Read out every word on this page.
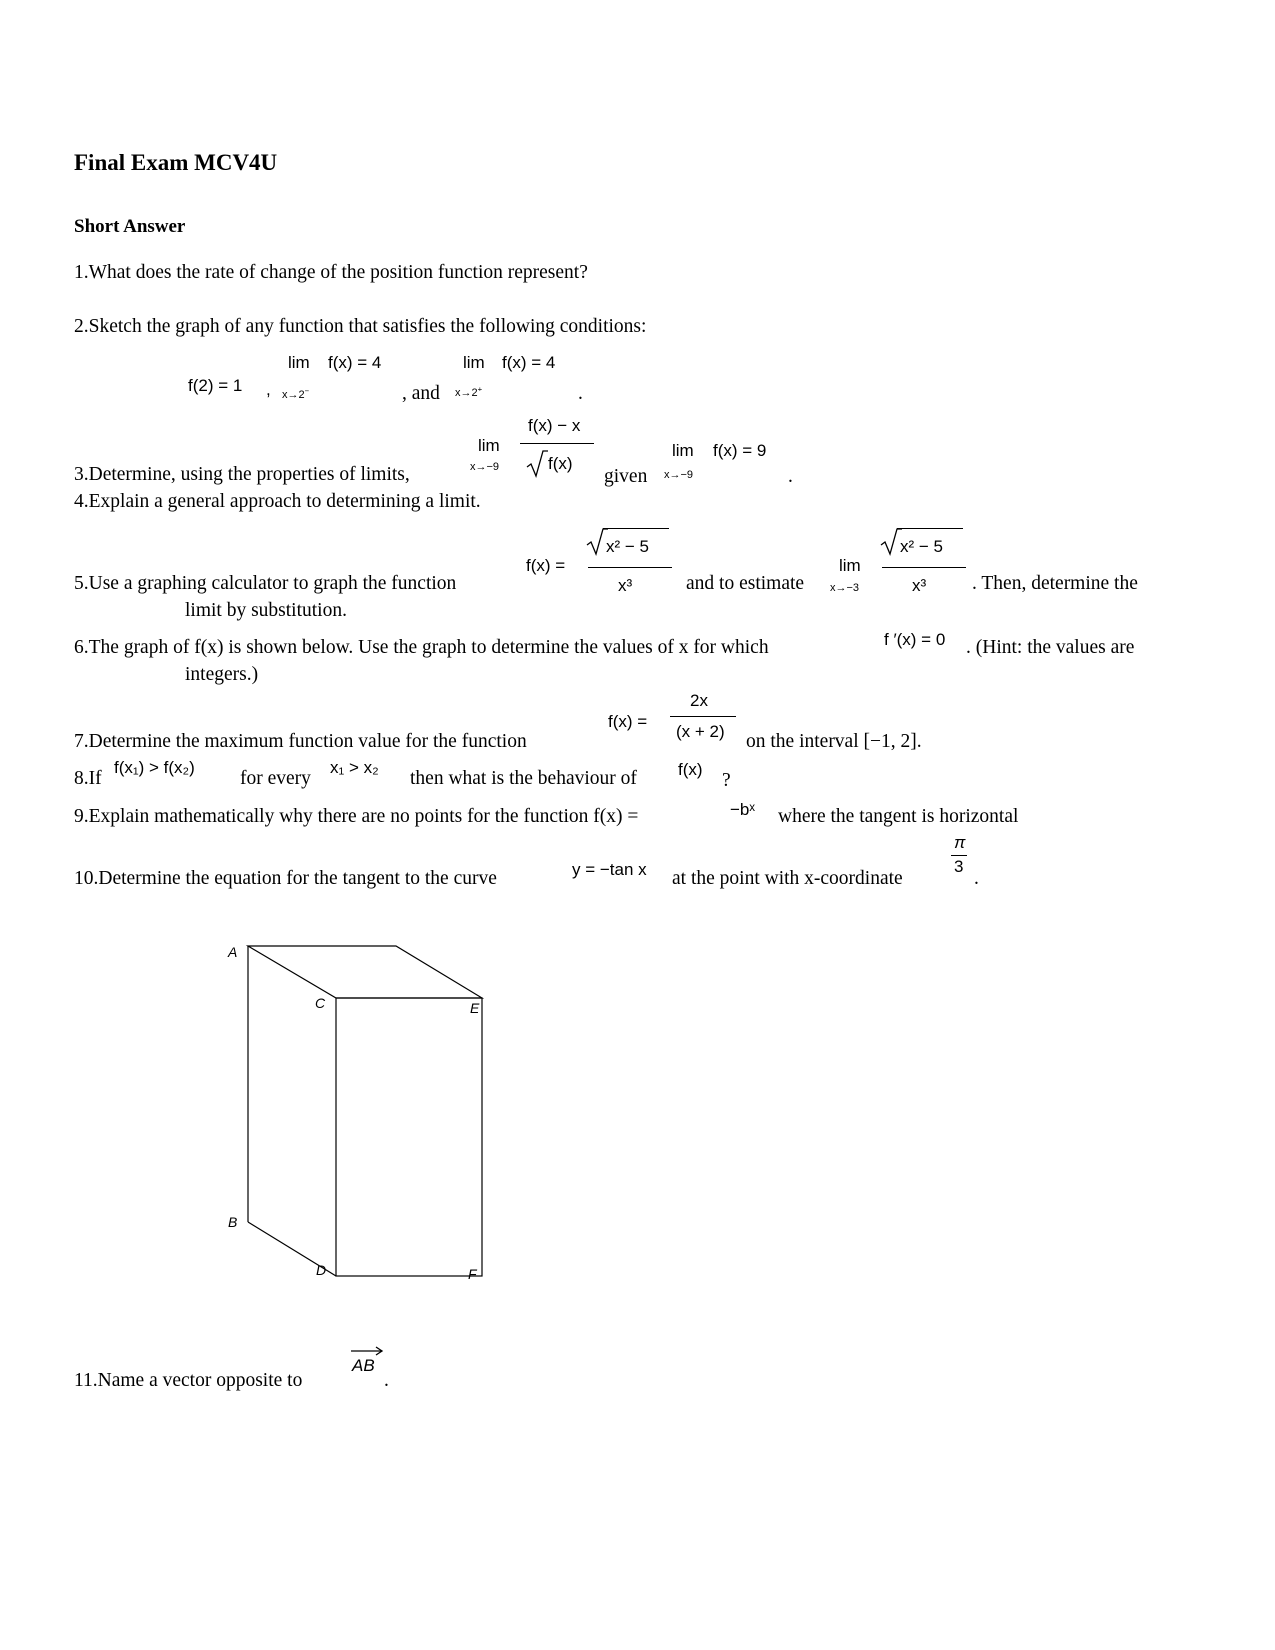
Final Exam MCV4U
Short Answer
1.What does the rate of change of the position function represent?
2.Sketch the graph of any function that satisfies the following conditions:
f(2) = 1 ,
lim
x→2−
f(x) = 4
, and
lim
x→2+
f(x) = 4
.
3.Determine, using the properties of limits,
lim
x→−9
f(x) − x
f(x)
given
lim
x→−9
f(x) = 9
.
4.Explain a general approach to determining a limit.
5.Use a graphing calculator to graph the function
f(x) =
x² − 5
x³	and to estimate
lim
x→−3
x² − 5
x³ . Then, determine the
limit by substitution.
6.The graph of f(x) is shown below. Use the graph to determine the values of x for which	f ′(x) = 0 . (Hint: the values are
integers.)
7.Determine the maximum function value for the function
f(x) =
2x
(x + 2) on the interval [−1, 2].
8.If
f(x₁) > f(x₂)
for every
x₁ > x₂
then what is the behaviour of f(x)
?
9.Explain mathematically why there are no points for the function f(x) =	−bˣ where the tangent is horizontal
10.Determine the equation for the tangent to the curve	y = −tan x at the point with x-coordinate
π
3
.
A
B
C
D
E
F
11.Name a vector opposite to
AB
.
